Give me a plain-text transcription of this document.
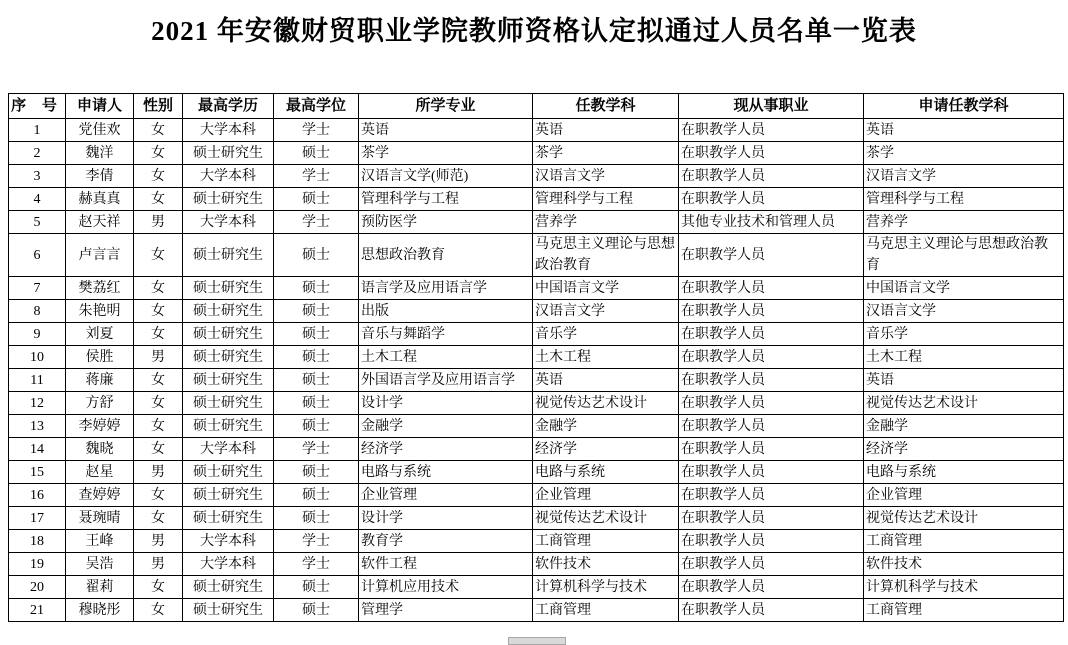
2021 年安徽财贸职业学院教师资格认定拟通过人员名单一览表
序 号	申请人	性别	最高学历	最高学位	所学专业	任教学科	现从事职业	申请任教学科
1	党佳欢	女	大学本科	学士	英语	英语	在职教学人员	英语
2	魏洋	女	硕士研究生	硕士	茶学	茶学	在职教学人员	茶学
3	李倩	女	大学本科	学士	汉语言文学(师范)	汉语言文学	在职教学人员	汉语言文学
4	赫真真	女	硕士研究生	硕士	管理科学与工程	管理科学与工程	在职教学人员	管理科学与工程
5	赵天祥	男	大学本科	学士	预防医学	营养学	其他专业技术和管理人员	营养学
6	卢言言	女	硕士研究生	硕士	思想政治教育	马克思主义理论与思想政治教育	在职教学人员	马克思主义理论与思想政治教育
7	樊荔红	女	硕士研究生	硕士	语言学及应用语言学	中国语言文学	在职教学人员	中国语言文学
8	朱艳明	女	硕士研究生	硕士	出版	汉语言文学	在职教学人员	汉语言文学
9	刘夏	女	硕士研究生	硕士	音乐与舞蹈学	音乐学	在职教学人员	音乐学
10	侯胜	男	硕士研究生	硕士	土木工程	土木工程	在职教学人员	土木工程
11	蒋廉	女	硕士研究生	硕士	外国语言学及应用语言学	英语	在职教学人员	英语
12	方舒	女	硕士研究生	硕士	设计学	视觉传达艺术设计	在职教学人员	视觉传达艺术设计
13	李婷婷	女	硕士研究生	硕士	金融学	金融学	在职教学人员	金融学
14	魏晓	女	大学本科	学士	经济学	经济学	在职教学人员	经济学
15	赵星	男	硕士研究生	硕士	电路与系统	电路与系统	在职教学人员	电路与系统
16	查婷婷	女	硕士研究生	硕士	企业管理	企业管理	在职教学人员	企业管理
17	聂琬晴	女	硕士研究生	硕士	设计学	视觉传达艺术设计	在职教学人员	视觉传达艺术设计
18	王峰	男	大学本科	学士	教育学	工商管理	在职教学人员	工商管理
19	吴浩	男	大学本科	学士	软件工程	软件技术	在职教学人员	软件技术
20	翟莉	女	硕士研究生	硕士	计算机应用技术	计算机科学与技术	在职教学人员	计算机科学与技术
21	穆晓彤	女	硕士研究生	硕士	管理学	工商管理	在职教学人员	工商管理
